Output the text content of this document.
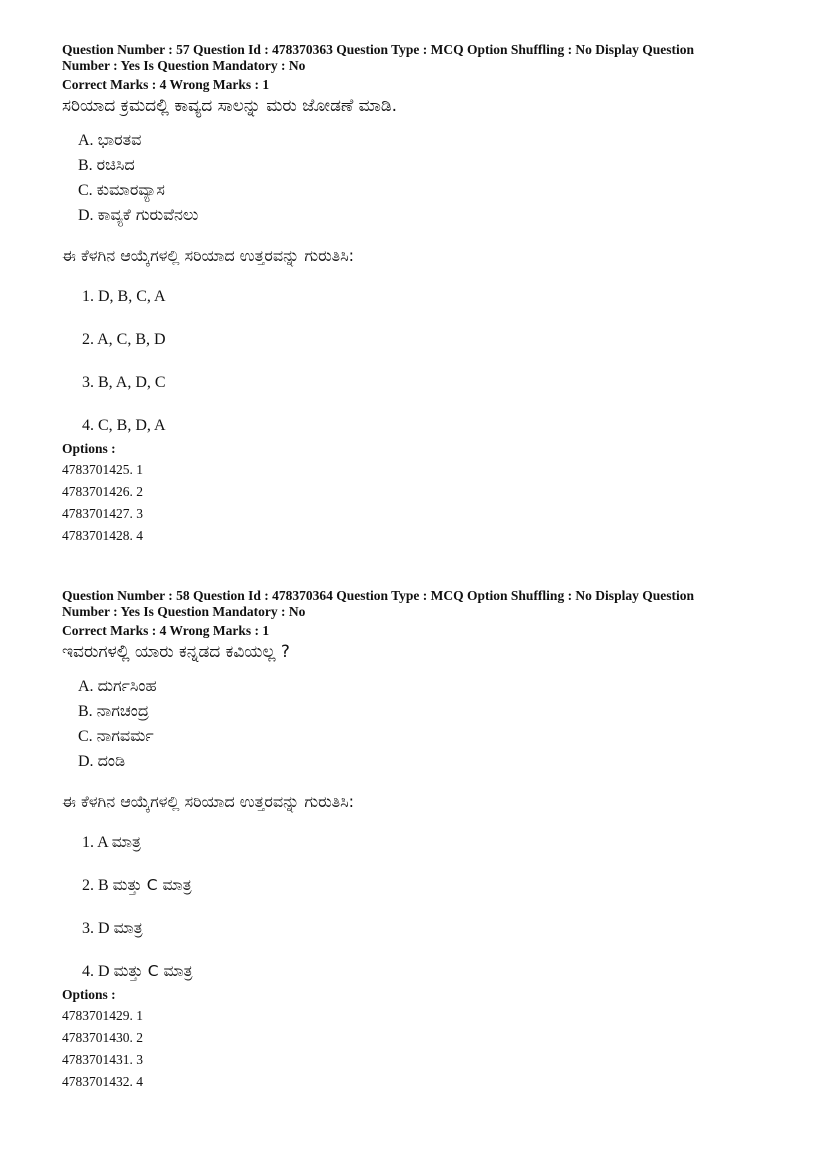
Question Number : 57 Question Id : 478370363 Question Type : MCQ Option Shuffling : No Display Question
Number : Yes Is Question Mandatory : No
Correct Marks : 4 Wrong Marks : 1
ಸರಿಯಾದ ಕ್ರಮದಲ್ಲಿ ಕಾವ್ಯದ ಸಾಲನ್ನು ಮರು ಜೋಡಣೆ ಮಾಡಿ.
A. ಭಾರತವ
B. ರಚಿಸಿದ
C. ಕುಮಾರವ್ಯಾಸ
D. ಕಾವ್ಯಕೆ ಗುರುವೆನಲು
ಈ ಕೆಳಗಿನ ಆಯ್ಕೆಗಳಲ್ಲಿ ಸರಿಯಾದ ಉತ್ತರವನ್ನು ಗುರುತಿಸಿ:
1. D, B, C, A
2. A, C, B, D
3. B, A, D, C
4. C, B, D, A
Options :
4783701425. 1
4783701426. 2
4783701427. 3
4783701428. 4
Question Number : 58 Question Id : 478370364 Question Type : MCQ Option Shuffling : No Display Question
Number : Yes Is Question Mandatory : No
Correct Marks : 4 Wrong Marks : 1
ಇವರುಗಳಲ್ಲಿ ಯಾರು ಕನ್ನಡದ ಕವಿಯಲ್ಲ ?
A. ದುರ್ಗಸಿಂಹ
B. ನಾಗಚಂದ್ರ
C. ನಾಗವರ್ಮ
D. ದಂಡಿ
ಈ ಕೆಳಗಿನ ಆಯ್ಕೆಗಳಲ್ಲಿ ಸರಿಯಾದ ಉತ್ತರವನ್ನು ಗುರುತಿಸಿ:
1. A ಮಾತ್ರ
2. B ಮತ್ತು C ಮಾತ್ರ
3. D ಮಾತ್ರ
4. D ಮತ್ತು C ಮಾತ್ರ
Options :
4783701429. 1
4783701430. 2
4783701431. 3
4783701432. 4
